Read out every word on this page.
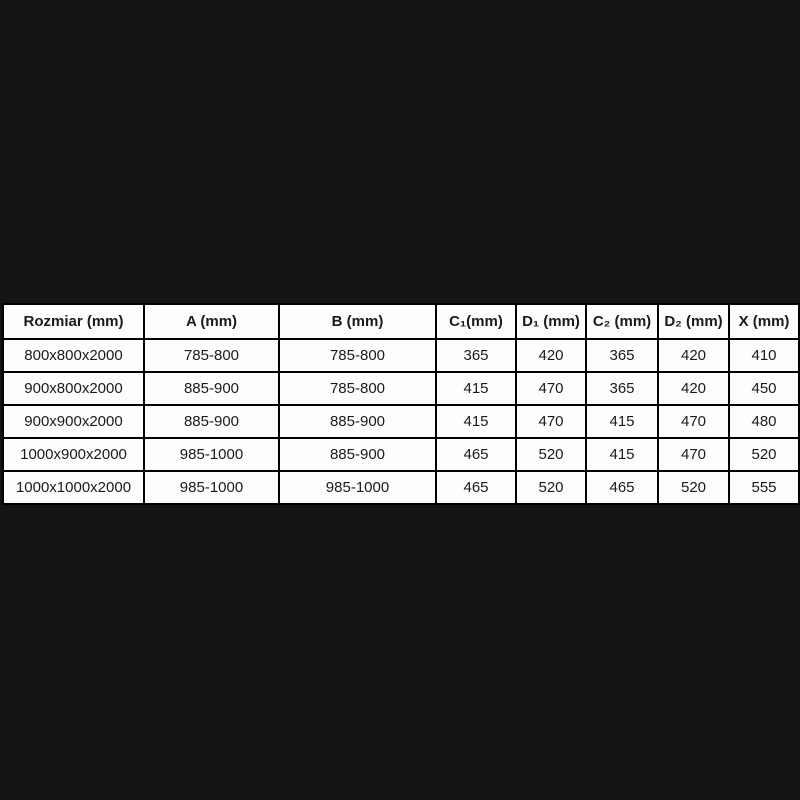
Rozmiar (mm)	A (mm)	B (mm)	C₁(mm)	D₁ (mm)	C₂ (mm)	D₂ (mm)	X (mm)
800x800x2000	785-800	785-800	365	420	365	420	410
900x800x2000	885-900	785-800	415	470	365	420	450
900x900x2000	885-900	885-900	415	470	415	470	480
1000x900x2000	985-1000	885-900	465	520	415	470	520
1000x1000x2000	985-1000	985-1000	465	520	465	520	555
